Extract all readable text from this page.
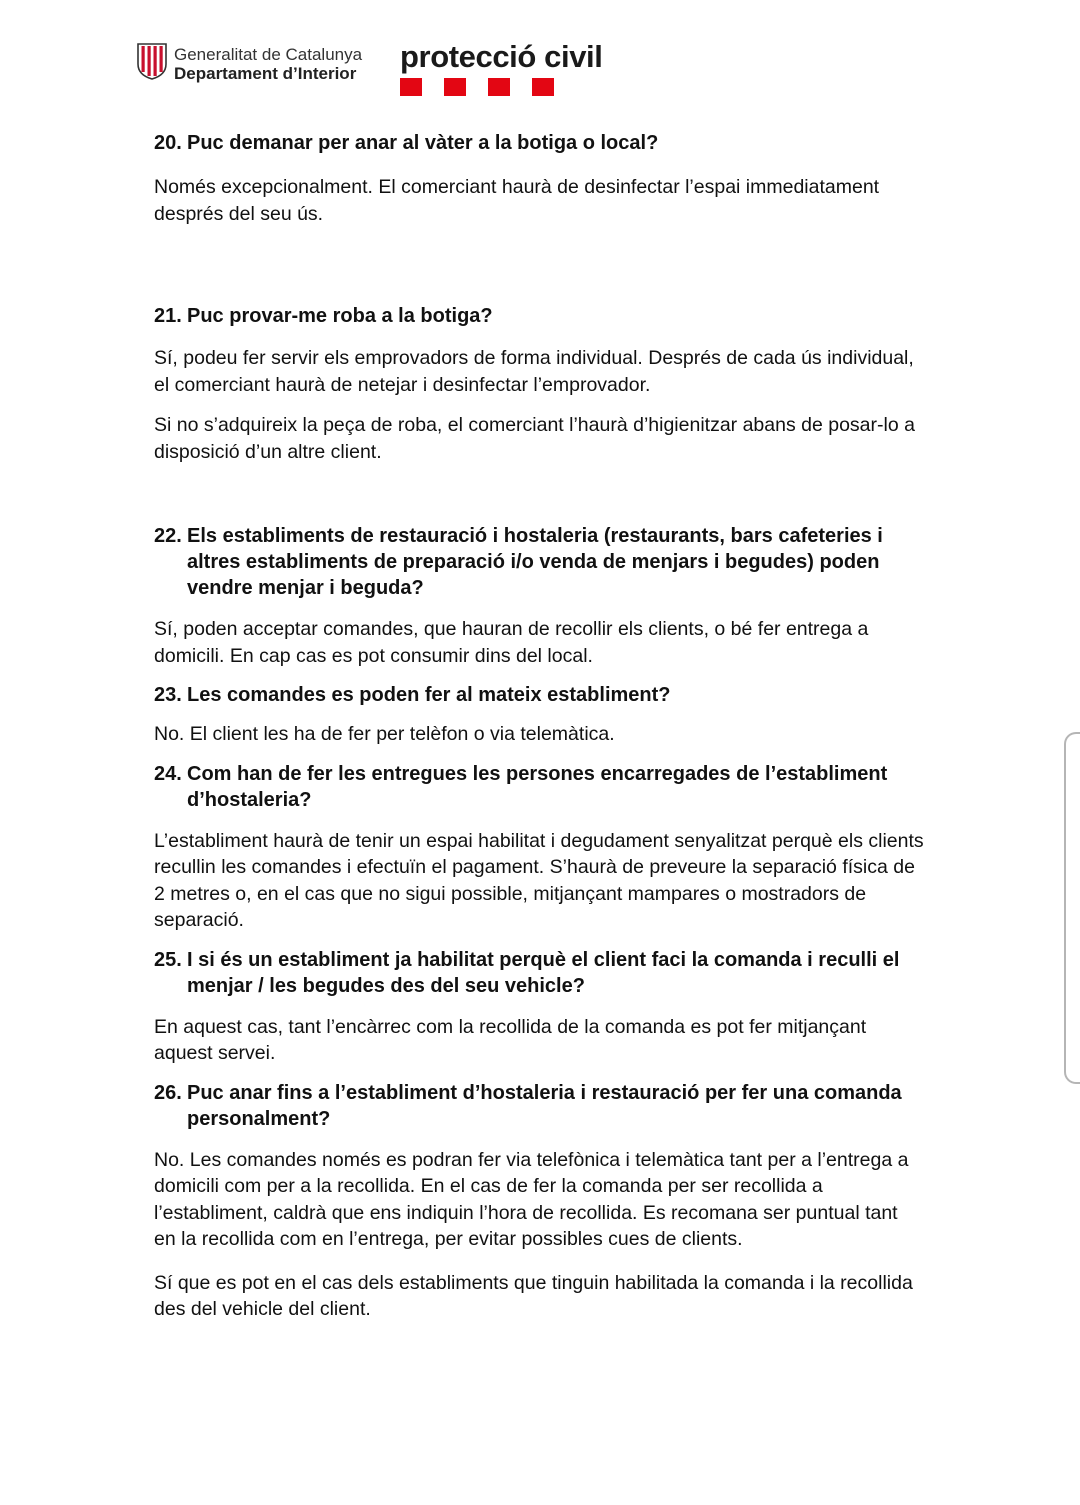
Generalitat de Catalunya
Departament d’Interior protecció civil
20. Puc demanar per anar al vàter a la botiga o local?

Només excepcionalment. El comerciant haurà de desinfectar l’espai immediatament després del seu ús.

21. Puc provar-me roba a la botiga?

Sí, podeu fer servir els emprovadors de forma individual. Després de cada ús individual, el comerciant haurà de netejar i desinfectar l’emprovador.

Si no s’adquireix la peça de roba, el comerciant l’haurà d’higienitzar abans de posar-lo a disposició d’un altre client.

22. Els establiments de restauració i hostaleria (restaurants, bars cafeteries i altres establiments de preparació i/o venda de menjars i begudes) poden vendre menjar i beguda?

Sí, poden acceptar comandes, que hauran de recollir els clients, o bé fer entrega a domicili. En cap cas es pot consumir dins del local.

23. Les comandes es poden fer al mateix establiment?

No. El client les ha de fer per telèfon o via telemàtica.

24. Com han de fer les entregues les persones encarregades de l’establiment d’hostaleria?

L’establiment haurà de tenir un espai habilitat i degudament senyalitzat perquè els clients recullin les comandes i efectuïn el pagament. S’haurà de preveure la separació física de 2 metres o, en el cas que no sigui possible, mitjançant mampares o mostradors de separació.

25. I si és un establiment ja habilitat perquè el client faci la comanda i reculli el menjar / les begudes des del seu vehicle?

En aquest cas, tant l’encàrrec com la recollida de la comanda es pot fer mitjançant aquest servei.

26. Puc anar fins a l’establiment d’hostaleria i restauració per fer una comanda personalment?

No. Les comandes només es podran fer via telefònica i telemàtica tant per a l’entrega a domicili com per a la recollida. En el cas de fer la comanda per ser recollida a l’establiment, caldrà que ens indiquin l’hora de recollida. Es recomana ser puntual tant en la recollida com en l’entrega, per evitar possibles cues de clients.

Sí que es pot en el cas dels establiments que tinguin habilitada la comanda i la recollida des del vehicle del client.
